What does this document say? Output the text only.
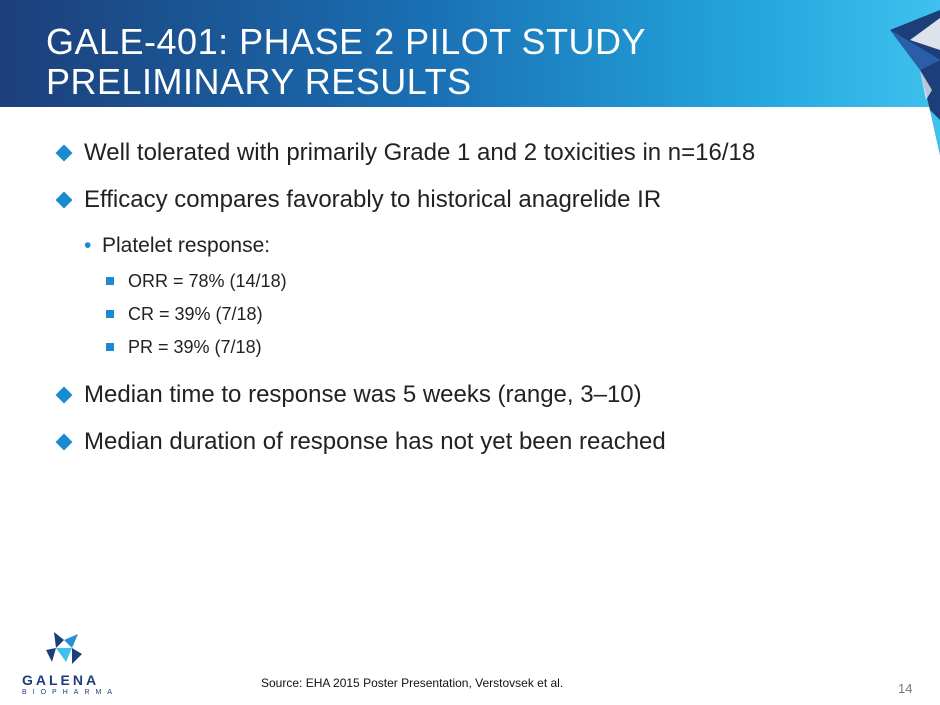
GALE-401: PHASE 2 PILOT STUDY
PRELIMINARY RESULTS
Well tolerated with primarily Grade 1 and 2 toxicities in n=16/18
Efficacy compares favorably to historical anagrelide IR
• Platelet response:
ORR = 78% (14/18)
CR = 39% (7/18)
PR = 39% (7/18)
Median time to response was 5 weeks (range, 3–10)
Median duration of response has not yet been reached
GALENA
BIOPHARMA
Source: EHA 2015 Poster Presentation, Verstovsek et al.	14
